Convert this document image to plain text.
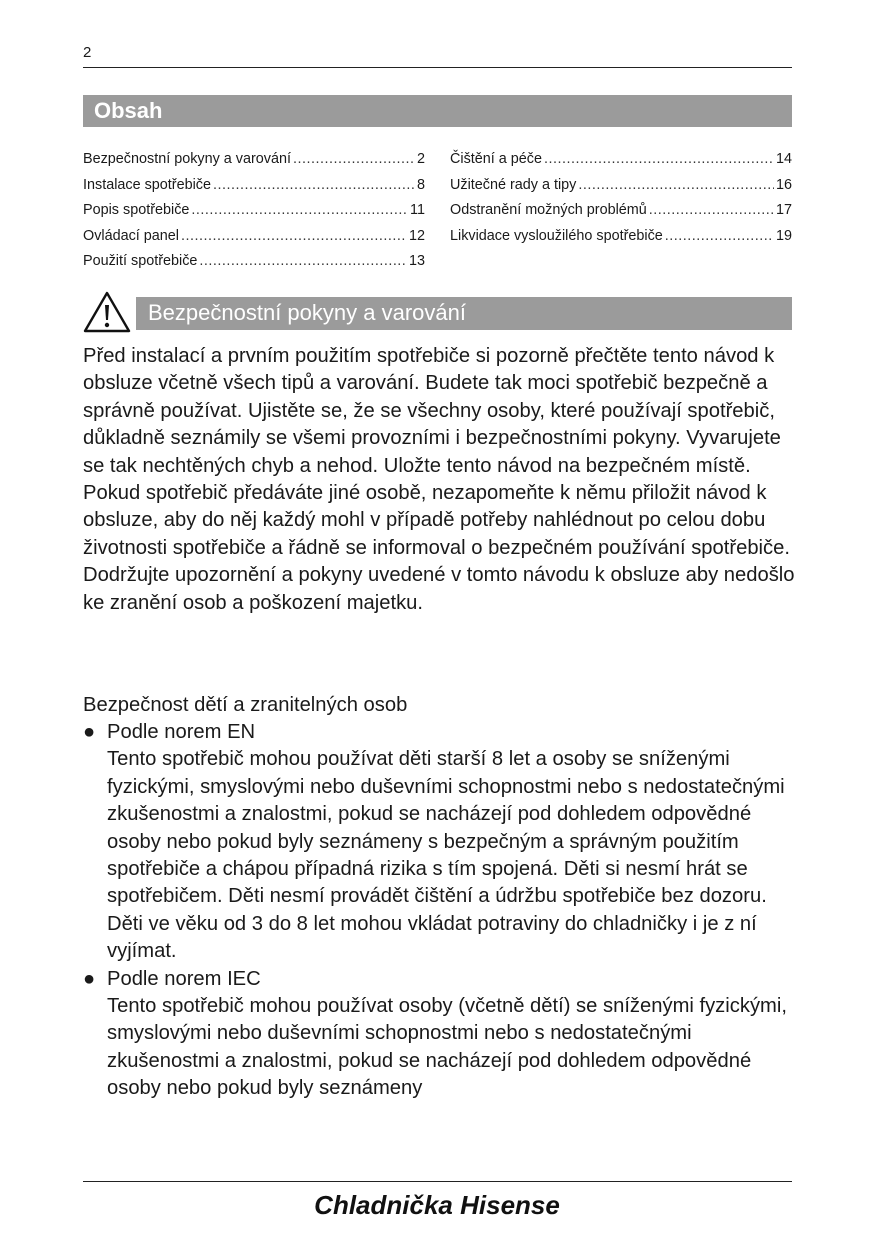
2
Obsah
Bezpečnostní pokyny a varování .....	2
Instalace spotřebiče .....	8
Popis spotřebiče .....	11
Ovládací panel .....	12
Použití spotřebiče .....	13
Čištění a péče .....	14
Užitečné rady a tipy .....	16
Odstranění možných problémů .....	17
Likvidace vysloužilého spotřebiče .....	19
Bezpečnostní pokyny a varování

Před instalací a prvním použitím spotřebiče si pozorně přečtěte tento návod k obsluze včetně všech tipů a varování. Budete tak moci spotřebič bezpečně a správně používat. Ujistěte se, že se všechny osoby, které používají spotřebič, důkladně seznámily se všemi provozními i bezpečnostními pokyny. Vyvarujete se tak nechtěných chyb a nehod. Uložte tento návod na bezpečném místě. Pokud spotřebič předáváte jiné osobě, nezapomeňte k němu přiložit návod k obsluze, aby do něj každý mohl v případě potřeby nahlédnout po celou dobu životnosti spotřebiče a řádně se informoval o bezpečném používání spotřebiče.

Dodržujte upozornění a pokyny uvedené v tomto návodu k obsluze aby nedošlo ke zranění osob a poškození majetku.

Bezpečnost dětí a zranitelných osob
● Podle norem EN

Tento spotřebič mohou používat děti starší 8 let a osoby se sníženými fyzickými, smyslovými nebo duševními schopnostmi nebo s nedostatečnými zkušenostmi a znalostmi, pokud se nacházejí pod dohledem odpovědné osoby nebo pokud byly seznámeny s bezpečným a správným použitím spotřebiče a chápou případná rizika s tím spojená. Děti si nesmí hrát se spotřebičem. Děti nesmí provádět čištění a údržbu spotřebiče bez dozoru.

Děti ve věku od 3 do 8 let mohou vkládat potraviny do chladničky i je z ní vyjímat.

● Podle norem IEC

Tento spotřebič mohou používat osoby (včetně dětí) se sníženými fyzickými, smyslovými nebo duševními schopnostmi nebo s nedostatečnými zkušenostmi a znalostmi, pokud se nacházejí pod dohledem odpovědné osoby nebo pokud byly seznámeny

Chladnička Hisense
